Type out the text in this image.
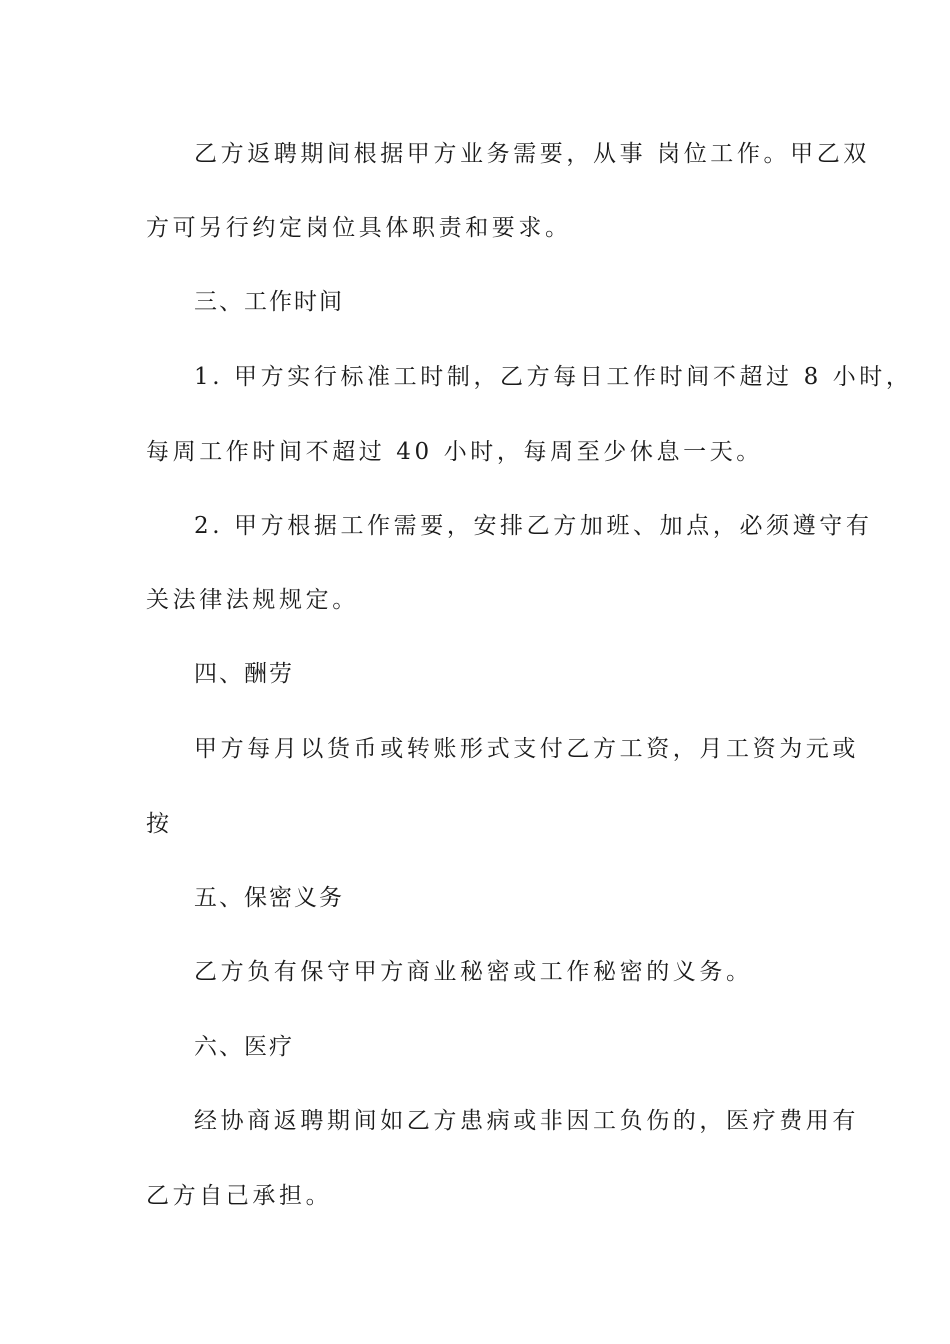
乙方返聘期间根据甲方业务需要，从事 岗位工作。甲乙双
方可另行约定岗位具体职责和要求。
三、工作时间
1. 甲方实行标准工时制，乙方每日工作时间不超过 8 小时，
每周工作时间不超过 40 小时，每周至少休息一天。
2. 甲方根据工作需要，安排乙方加班、加点，必须遵守有
关法律法规规定。
四、酬劳
甲方每月以货币或转账形式支付乙方工资，月工资为元或
按
五、保密义务
乙方负有保守甲方商业秘密或工作秘密的义务。
六、医疗
经协商返聘期间如乙方患病或非因工负伤的，医疗费用有
乙方自己承担。
